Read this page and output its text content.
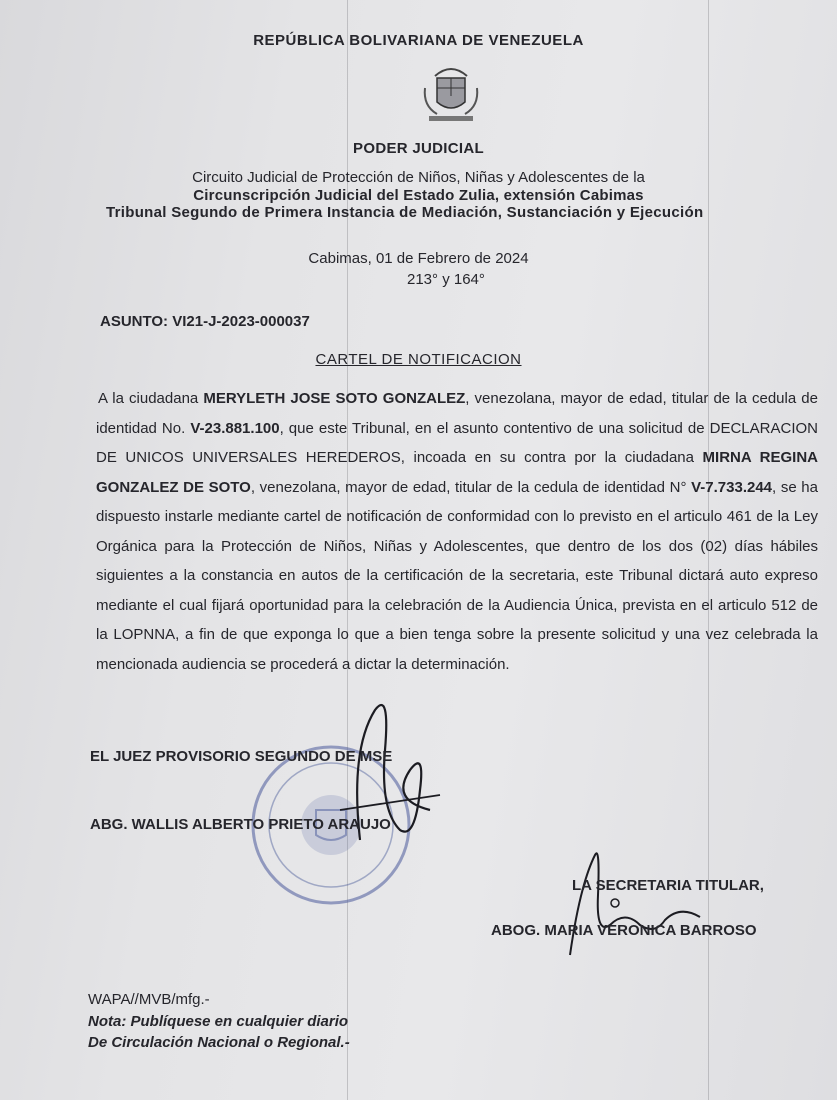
REPÚBLICA BOLIVARIANA DE VENEZUELA
PODER JUDICIAL
Circuito Judicial de Protección de Niños, Niñas y Adolescentes de la
Circunscripción Judicial del Estado Zulia, extensión Cabimas
Tribunal Segundo de Primera Instancia de Mediación, Sustanciación y Ejecución
Cabimas, 01 de Febrero de 2024
213° y 164°
ASUNTO: VI21-J-2023-000037
CARTEL DE NOTIFICACION
A la ciudadana MERYLETH JOSE SOTO GONZALEZ, venezolana, mayor de edad, titular de la cedula de identidad No. V-23.881.100, que este Tribunal, en el asunto contentivo de una solicitud de DECLARACION DE UNICOS UNIVERSALES HEREDEROS, incoada en su contra por la ciudadana MIRNA REGINA GONZALEZ DE SOTO, venezolana, mayor de edad, titular de la cedula de identidad N° V-7.733.244, se ha dispuesto instarle mediante cartel de notificación de conformidad con lo previsto en el articulo 461 de la Ley Orgánica para la Protección de Niños, Niñas y Adolescentes, que dentro de los dos (02) días hábiles siguientes a la constancia en autos de la certificación de la secretaria, este Tribunal dictará auto expreso mediante el cual fijará oportunidad para la celebración de la Audiencia Única, prevista en el articulo 512 de la LOPNNA, a fin de que exponga lo que a bien tenga sobre la presente solicitud y una vez celebrada la mencionada audiencia se procederá a dictar la determinación.
EL JUEZ PROVISORIO SEGUNDO DE MSE
ABG. WALLIS ALBERTO PRIETO ARAUJO
LA SECRETARIA TITULAR,
ABOG. MARIA VERONICA BARROSO
WAPA//MVB/mfg.-
Nota: Publíquese en cualquier diario
De Circulación Nacional o Regional.-
